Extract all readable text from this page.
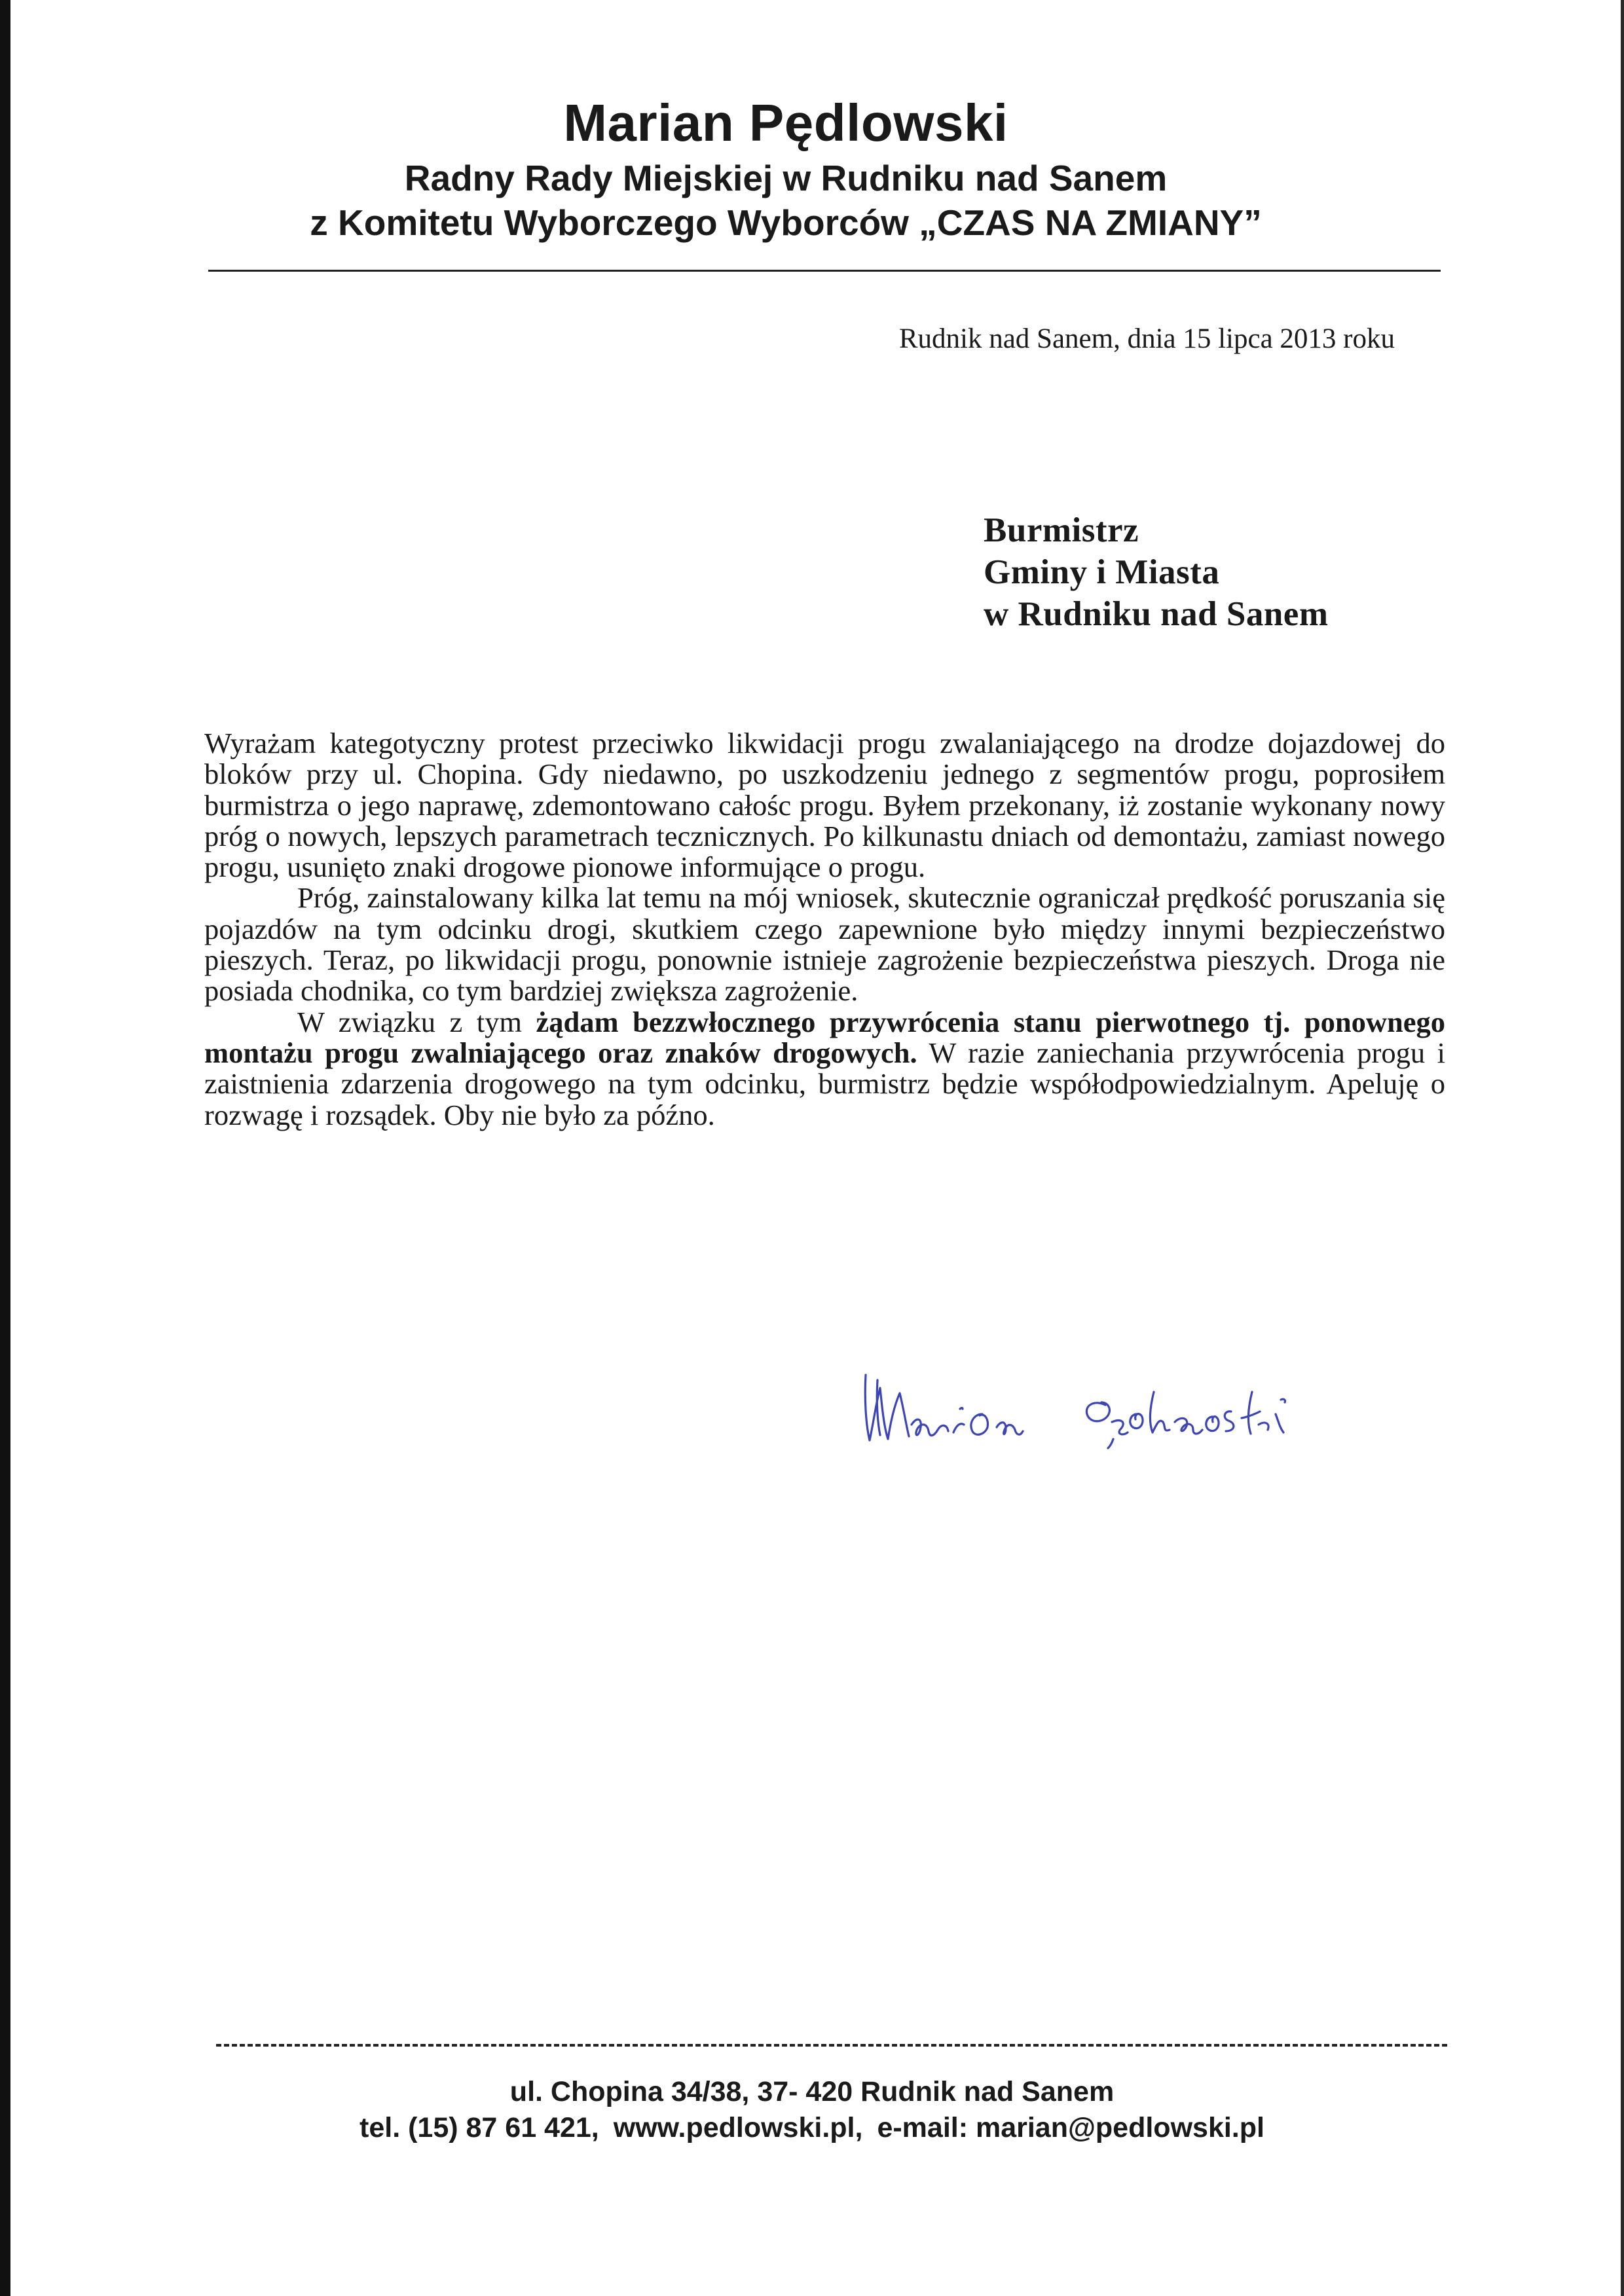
Marian Pędlowski
Radny Rady Miejskiej w Rudniku nad Sanem
z Komitetu Wyborczego Wyborców „CZAS NA ZMIANY”
Rudnik nad Sanem, dnia 15 lipca 2013 roku
Burmistrz
Gminy i Miasta
w Rudniku nad Sanem

Wyrażam kategotyczny protest przeciwko likwidacji progu zwalaniającego na drodze dojazdowej do bloków przy ul. Chopina. Gdy niedawno, po uszkodzeniu jednego z segmentów progu, poprosiłem burmistrza o jego naprawę, zdemontowano całośc progu. Byłem przekonany, iż zostanie wykonany nowy próg o nowych, lepszych parametrach tecznicznych. Po kilkunastu dniach od demontażu, zamiast nowego progu, usunięto znaki drogowe pionowe informujące o progu.

Próg, zainstalowany kilka lat temu na mój wniosek, skutecznie ograniczał prędkość poruszania się pojazdów na tym odcinku drogi, skutkiem czego zapewnione było między innymi bezpieczeństwo pieszych. Teraz, po likwidacji progu, ponownie istnieje zagrożenie bezpieczeństwa pieszych. Droga nie posiada chodnika, co tym bardziej zwiększa zagrożenie.

W związku z tym żądam bezzwłocznego przywrócenia stanu pierwotnego tj. ponownego montażu progu zwalniającego oraz znaków drogowych. W razie zaniechania przywrócenia progu i zaistnienia zdarzenia drogowego na tym odcinku, burmistrz będzie współodpowiedzialnym. Apeluję o rozwagę i rozsądek. Oby nie było za późno.

ul. Chopina 34/38, 37- 420 Rudnik nad Sanem
tel. (15) 87 61 421, www.pedlowski.pl, e-mail: marian@pedlowski.pl
